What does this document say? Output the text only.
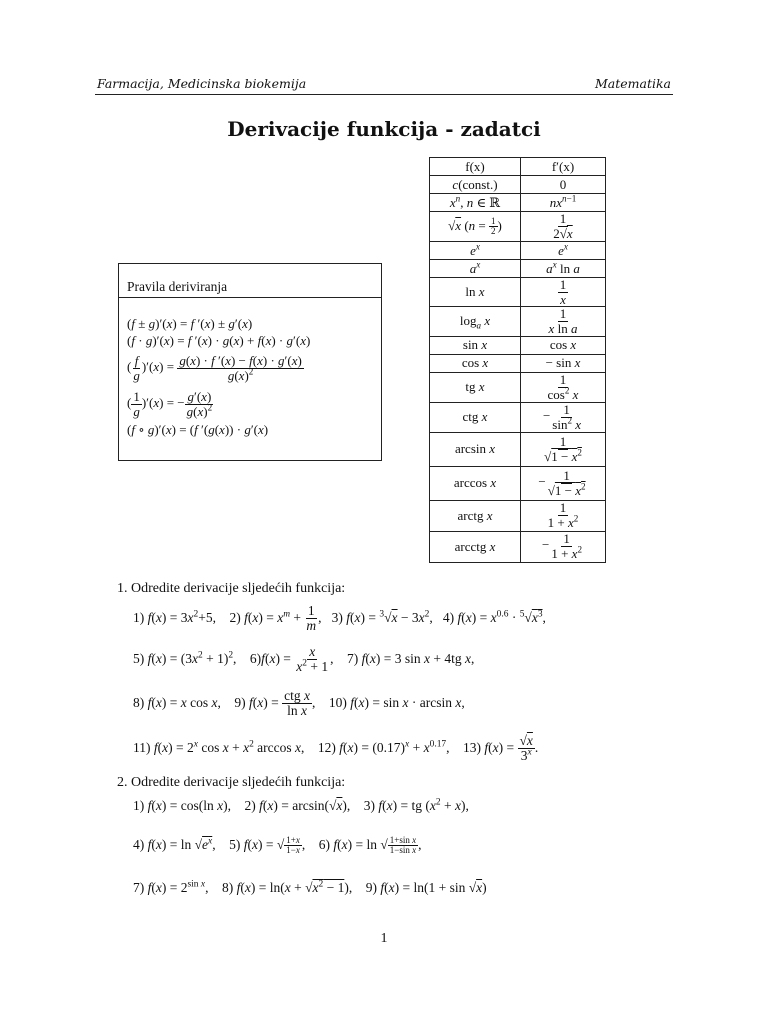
Farmacija, Medicinska biokemija	Matematika
Derivacije funkcija - zadatci
f(x)	f′(x)
c(const.)	0
$x^n$, n ∈ ℝ	$nx^{n-1}$
√x ($n = \frac{1}{2}$ )	$\frac{1}{2√x}$

$e^x$	$e^x$
$a^x$	$a^x$ ln a
ln x	$\frac{1}{x}$

$\log_a x$	$\frac{1}{\text{x ln a}}$

sin x	cos x
cos x	− sin x
tg x	$\frac{1}{\cos^2 x}$

ctg x	− $\frac{1}{\sin^2 x}$

arcsin x	$\frac{1}{√1 - x^2}$

arccos x	− $\frac{1}{√1 - x^2}$

arctg x	$\frac{1}{1 + x^2}$

arcctg x	− $\frac{1}{1 + x^2}$
Pravila deriviranja
(f ± g)′(x) = f ′(x) ± g′(x)
(f · g)′(x) = f ′(x) · g(x) + f(x) · g′(x)
( $\frac{f}{g} )'(x) = \frac{g(x) \cdot f '(x) - f(x) \cdot g'(x)}{g(x)^2}$
( $\frac{1}{g} )'(x)$ = − $\frac{g'(x)}{g(x)^2}$
(f ∘ g)′(x) = (f ′(g(x)) · g′(x)
1. Odredite derivacije sljedećih funkcija:
1) $f(x) = 3x^2+5$,    2) $f(x) = x^m + \frac{1}{m}$ ,   3) $f(x) = ^3√x - 3x^2$,   4) $f(x) = x^{0.6} \cdot ^5√x^3$,
5) $f(x) = (3x^2 + 1)^2$,    $6)f(x) = \frac{x}{x^2 + 1}$ ,    7) f(x) = 3 sin x + 4tg x,
8) f(x) = x cos x,    9) $f(x) = \frac{\text{ctg x}}{\text{ln x}}$ ,    10) f(x) = sin x · arcsin x,
11) $f(x) = 2^x$ $\cos x + x^2$ arccos x,    12) $f(x) = (0.17)^x + x^{0.17}$,    13) $f(x) = \frac{√x}{3^x}$ .
2. Odredite derivacije sljedećih funkcija:
1) f(x) = cos(ln x),    2) f(x) = arcsin(√x),    3) f(x) = tg $(x^2 + x)$,
4) $f(x) = \ln √e^x$,    5) f(x) = √ $\frac{1+x}{1-x}$ ,    6) f(x) = ln √ $\frac{\text{1+sin x}}{\text{1−sin x}}$ ,
7) $f(x) = 2^{sin x}$,    8) $f(x) = \ln(x + √x^2 - 1)$,    9) f(x) = ln(1 + sin √x)
1
